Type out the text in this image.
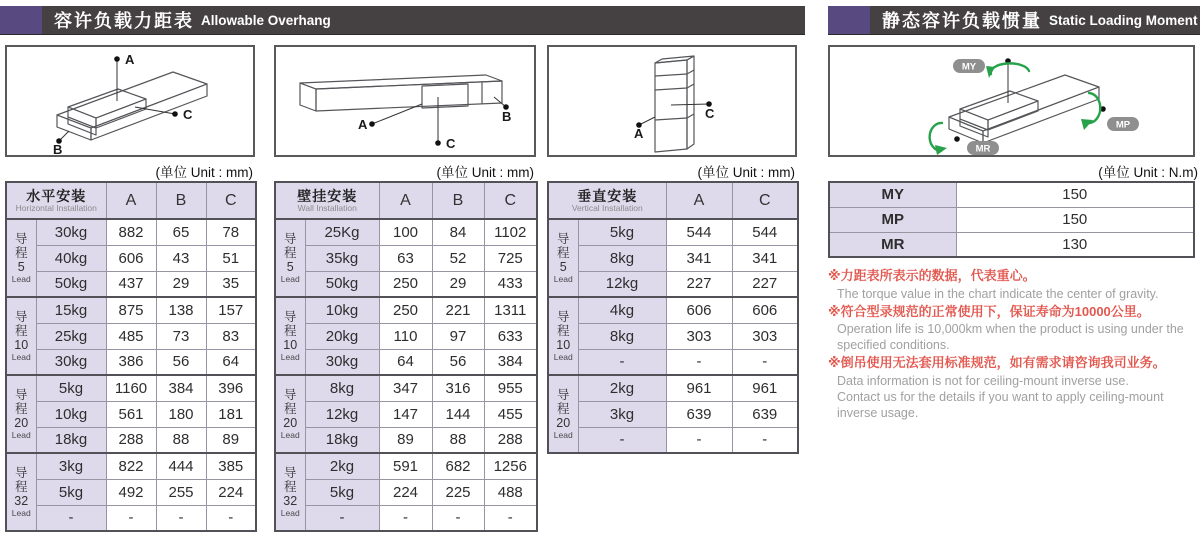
容许负载力距表 Allowable Overhang	静态容许负载惯量 Static Loading Moment
A
C
B
(单位 Unit : mm)
水平安装
Horizontal Installation		A	B	C

导
程
5
Lead	30kg	882	65	78
	40kg	606	43	51
	50kg	437	29	35

导
程
10
Lead	15kg	875	138	157
	25kg	485	73	83
	30kg	386	56	64

导
程
20
Lead	5kg	1160	384	396
	10kg	561	180	181
	18kg	288	88	89

导
程
32
Lead	3kg	822	444	385
	5kg	492	255	224
	-	-	-	-
A
C
B
(单位 Unit : mm)
壁挂安装
Wall Installation		A	B	C

导
程
5
Lead	25Kg	100	84	1102
	35kg	63	52	725
	50kg	250	29	433

导
程
10
Lead	10kg	250	221	1311
	20kg	110	97	633
	30kg	64	56	384

导
程
20
Lead	8kg	347	316	955
	12kg	147	144	455
	18kg	89	88	288

导
程
32
Lead	2kg	591	682	1256
	5kg	224	225	488
	-	-	-	-
A
C
(单位 Unit : mm)
垂直安装
Vertical Installation		A	C

导
程
5
Lead	5kg	544	544
	8kg	341	341
	12kg	227	227

导
程
10
Lead	4kg	606	606
	8kg	303	303
	-	-	-

导
程
20
Lead	2kg	961	961
	3kg	639	639
	-	-	-
MY
MP
MR
(单位 Unit : N.m)
MY	150
MP	150
MR	130
※力距表所表示的数据，代表重心。
The torque value in the chart indicate the center of gravity.
※符合型录规范的正常使用下，保证寿命为10000公里。
Operation life is 10,000km when the product is using under the
specified conditions.
※倒吊使用无法套用标准规范，如有需求请咨询我司业务。
Data information is not for ceiling-mount inverse use.
Contact us for the details if you want to apply ceiling-mount
inverse usage.
